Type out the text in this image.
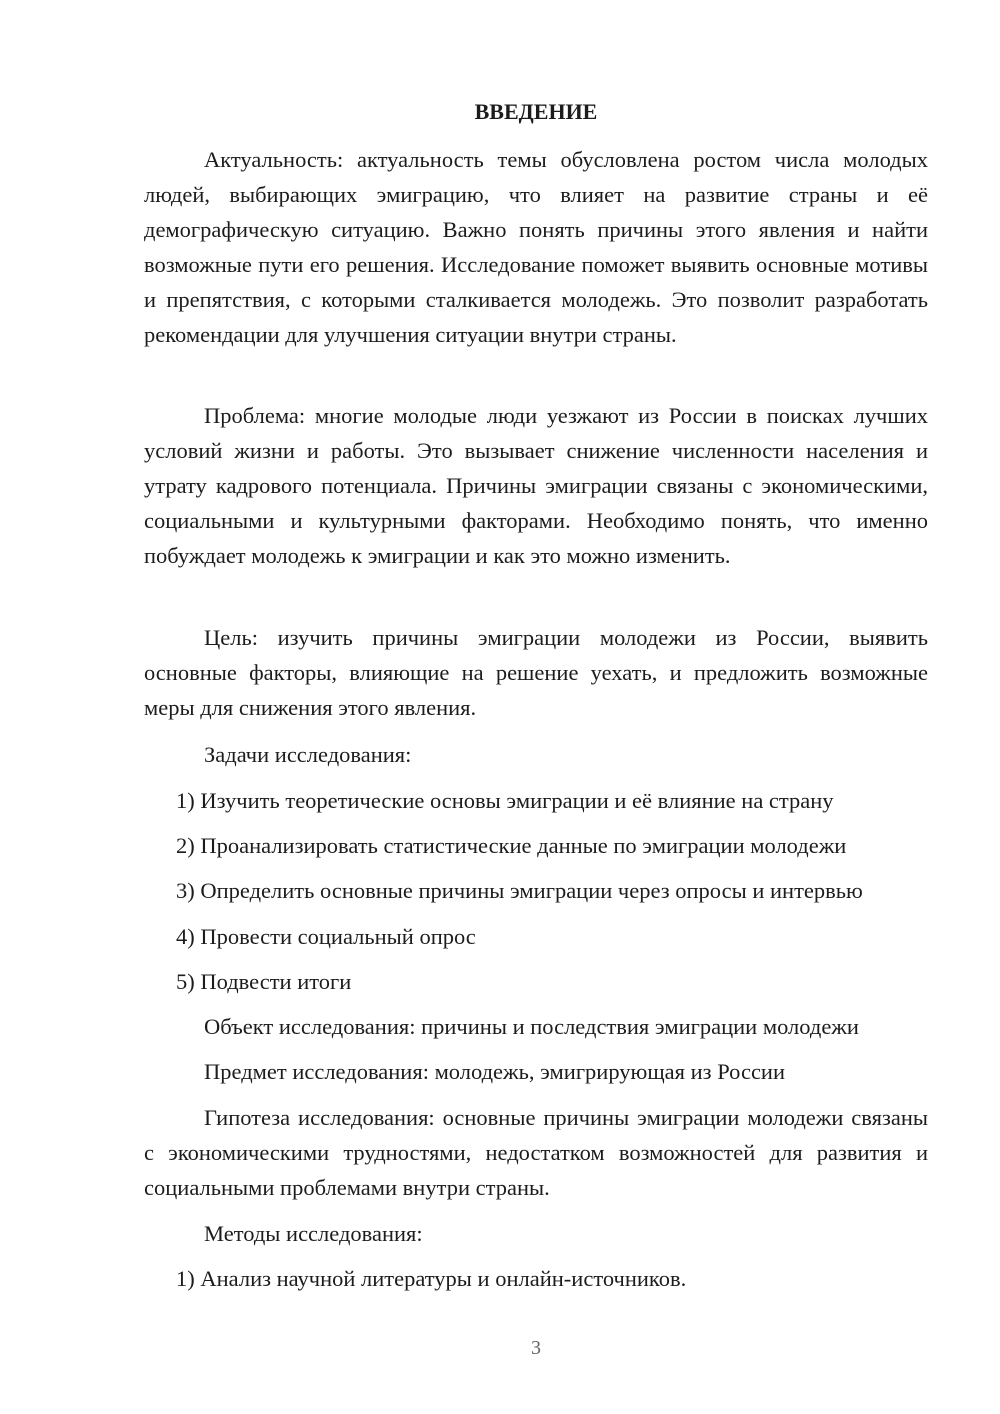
ВВЕДЕНИЕ

Актуальность: актуальность темы обусловлена ростом числа молодых людей, выбирающих эмиграцию, что влияет на развитие страны и её демографическую ситуацию. Важно понять причины этого явления и найти возможные пути его решения. Исследование поможет выявить основные мотивы и препятствия, с которыми сталкивается молодежь. Это позволит разработать рекомендации для улучшения ситуации внутри страны.

Проблема: многие молодые люди уезжают из России в поисках лучших условий жизни и работы. Это вызывает снижение численности населения и утрату кадрового потенциала. Причины эмиграции связаны с экономическими, социальными и культурными факторами. Необходимо понять, что именно побуждает молодежь к эмиграции и как это можно изменить.

Цель: изучить причины эмиграции молодежи из России, выявить основные факторы, влияющие на решение уехать, и предложить возможные меры для снижения этого явления.

Задачи исследования:

1) Изучить теоретические основы эмиграции и её влияние на страну

2) Проанализировать статистические данные по эмиграции молодежи

3) Определить основные причины эмиграции через опросы и интервью

4) Провести социальный опрос

5) Подвести итоги

Объект исследования: причины и последствия эмиграции молодежи

Предмет исследования: молодежь, эмигрирующая из России

Гипотеза исследования: основные причины эмиграции молодежи связаны с экономическими трудностями, недостатком возможностей для развития и социальными проблемами внутри страны.

Методы исследования:

1) Анализ научной литературы и онлайн-источников.

3
